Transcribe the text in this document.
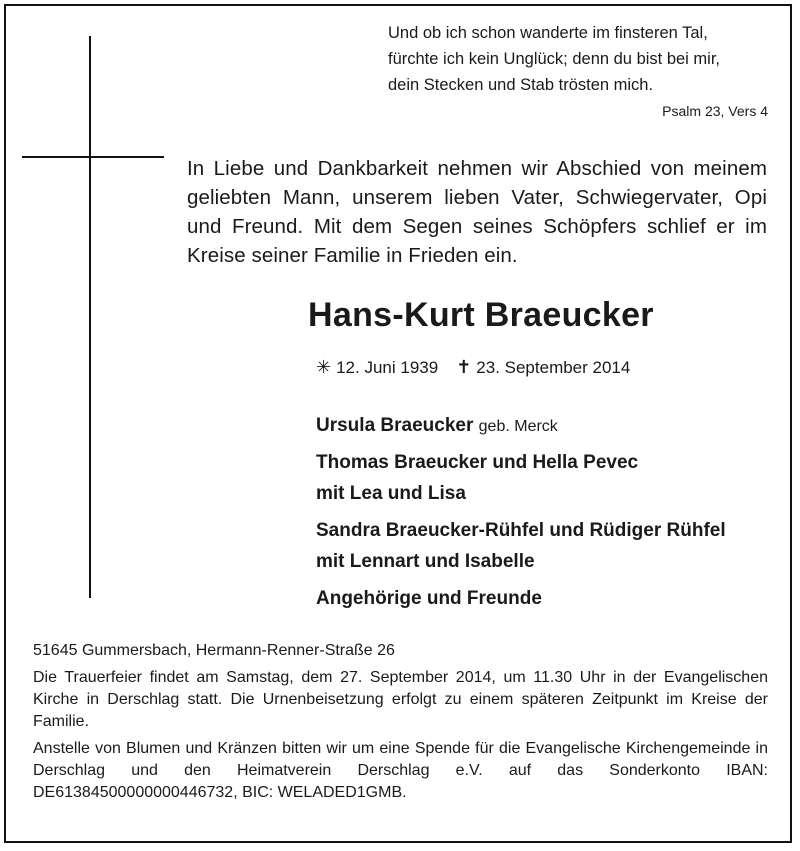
Und ob ich schon wanderte im finsteren Tal,
fürchte ich kein Unglück; denn du bist bei mir,
dein Stecken und Stab trösten mich.
Psalm 23, Vers 4
In Liebe und Dankbarkeit nehmen wir Abschied von meinem geliebten Mann, unserem lieben Vater, Schwiegervater, Opi und Freund. Mit dem Segen seines Schöpfers schlief er im Kreise seiner Familie in Frieden ein.
Hans-Kurt Braeucker
✳ 12. Juni 1939 ✝ 23. September 2014
Ursula Braeucker geb. Merck
Thomas Braeucker und Hella Pevec
mit Lea und Lisa
Sandra Braeucker-Rühfel und Rüdiger Rühfel
mit Lennart und Isabelle
Angehörige und Freunde

51645 Gummersbach, Hermann-Renner-Straße 26

Die Trauerfeier findet am Samstag, dem 27. September 2014, um 11.30 Uhr in der Evangelischen Kirche in Derschlag statt. Die Urnenbeisetzung erfolgt zu einem späteren Zeitpunkt im Kreise der Familie.

Anstelle von Blumen und Kränzen bitten wir um eine Spende für die Evangelische Kirchengemeinde in Derschlag und den Heimatverein Derschlag e.V. auf das Sonderkonto IBAN: DE61384500000000446732, BIC: WELADED1GMB.
